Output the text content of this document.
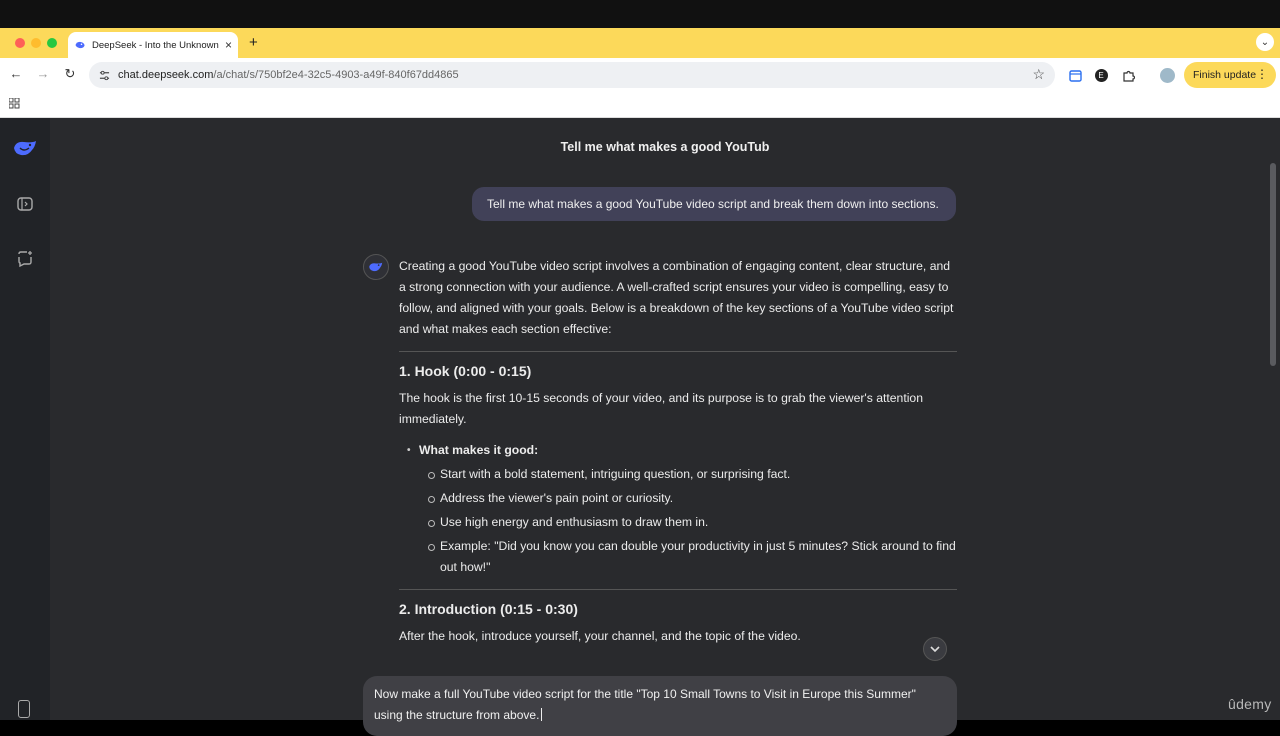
DeepSeek - Into the Unknown × +	⌄
← → ↻	chat.deepseek.com /a/chat/s/750bf2e4-32c5-4903-a49f-840f67dd4865	☆	E	Finish update ⋮
Tell me what makes a good YouTub
Tell me what makes a good YouTube video script and break them down into sections.

Creating a good YouTube video script involves a combination of engaging content, clear structure, and a strong connection with your audience. A well-crafted script ensures your video is compelling, easy to follow, and aligned with your goals. Below is a breakdown of the key sections of a YouTube video script and what makes each section effective:

1. Hook (0:00 - 0:15)

The hook is the first 10-15 seconds of your video, and its purpose is to grab the viewer's attention immediately.

• What makes it good:
Start with a bold statement, intriguing question, or surprising fact.
Address the viewer's pain point or curiosity.
Use high energy and enthusiasm to draw them in.
Example: "Did you know you can double your productivity in just 5 minutes? Stick around to find out how!"
2. Introduction (0:15 - 0:30)

After the hook, introduce yourself, your channel, and the topic of the video.

Now make a full YouTube video script for the title "Top 10 Small Towns to Visit in Europe this Summer" using the structure from above.
ûdemy
